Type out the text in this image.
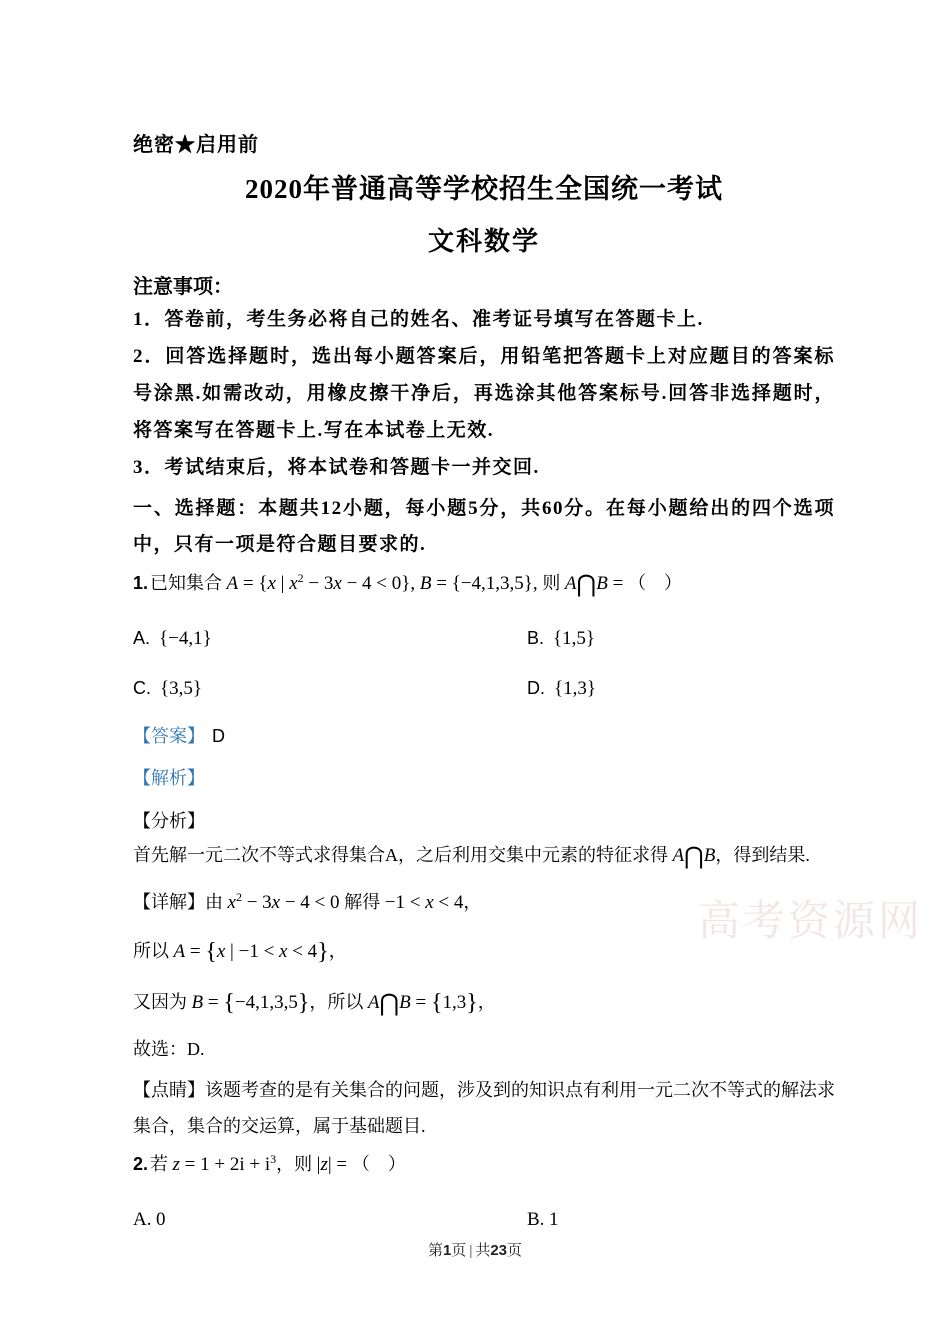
高考资源网

绝密★启用前

2020年普通高等学校招生全国统一考试

文科数学

注意事项：

1．答卷前，考生务必将自己的姓名、准考证号填写在答题卡上.

2．回答选择题时，选出每小题答案后，用铅笔把答题卡上对应题目的答案标号涂黑.如需改动，用橡皮擦干净后，再选涂其他答案标号.回答非选择题时，将答案写在答题卡上.写在本试卷上无效.

3．考试结束后，将本试卷和答题卡一并交回.

一、选择题：本题共12小题，每小题5分，共60分。在每小题给出的四个选项中，只有一项是符合题目要求的.

1. 已知集合 A = {x | $x^2 - 3x - 4 < 0$}, B = {−4,1,3,5}, 则 A⋂B = （　）

A. {−4,1}	B. {1,5}
C. {3,5}	D. {1,3}

【答案】 D

【解析】

【分析】

首先解一元二次不等式求得集合A，之后利用交集中元素的特征求得 A⋂B，得到结果.

【详解】由 $x^2 - 3x - 4 < 0$ 解得 −1 < x < 4，

所以 A = {x | −1 < x < 4}，

又因为 B = {−4,1,3,5}，所以 A⋂B = {1,3}，

故选：D.

【点睛】该题考查的是有关集合的问题，涉及到的知识点有利用一元二次不等式的解法求集合，集合的交运算，属于基础题目.

2. 若 $z = 1 + 2i + i^3$，则 |z| = （　）

A. 0	B. 1
第1页 | 共23页
